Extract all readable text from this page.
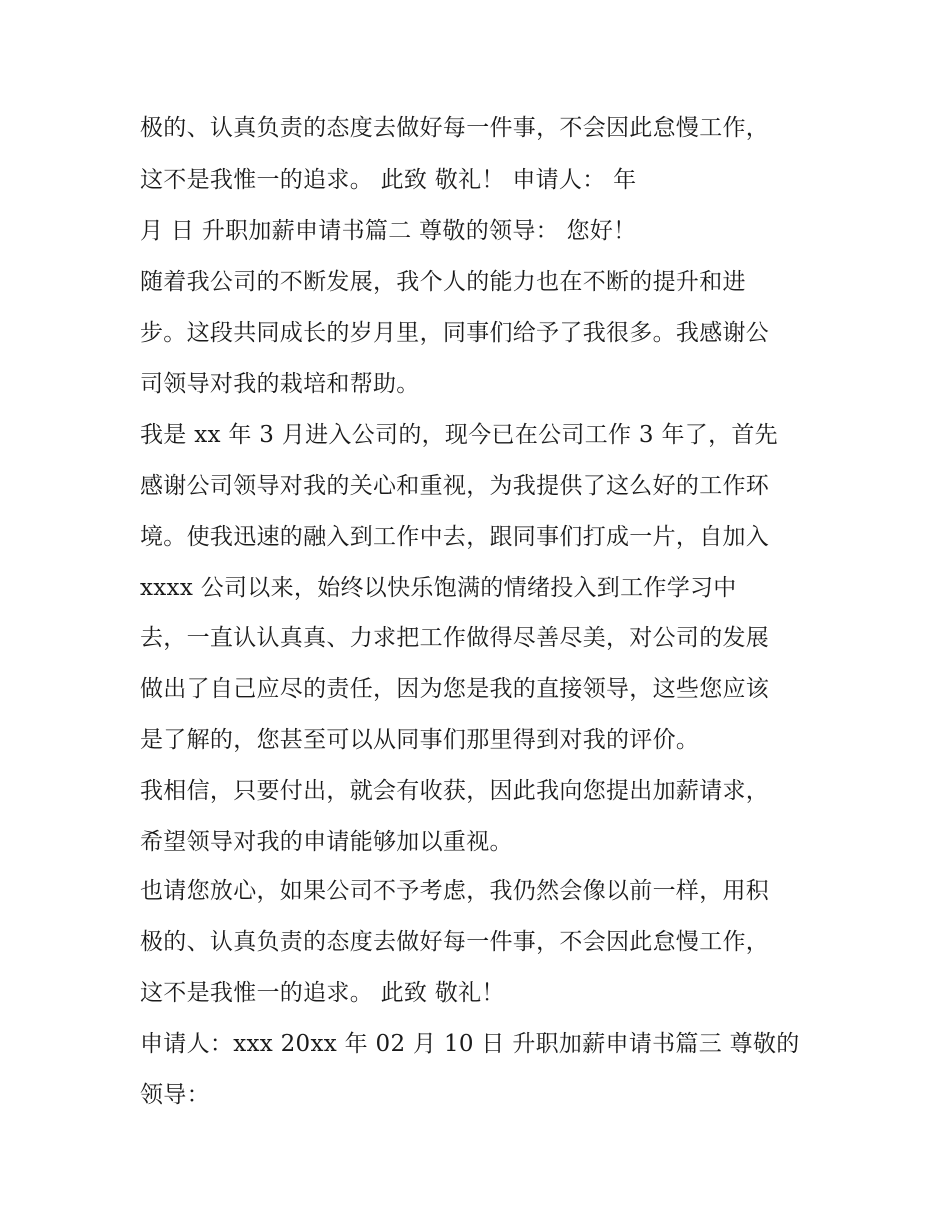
极的、认真负责的态度去做好每一件事，不会因此怠慢工作，
这不是我惟一的追求。 此致 敬礼！ 申请人： 年
月 日 升职加薪申请书篇二 尊敬的领导： 您好！
随着我公司的不断发展，我个人的能力也在不断的提升和进
步。这段共同成长的岁月里，同事们给予了我很多。我感谢公
司领导对我的栽培和帮助。
我是 xx 年 3 月进入公司的，现今已在公司工作 3 年了，首先
感谢公司领导对我的关心和重视，为我提供了这么好的工作环
境。使我迅速的融入到工作中去，跟同事们打成一片，自加入
xxxx 公司以来，始终以快乐饱满的情绪投入到工作学习中
去，一直认认真真、力求把工作做得尽善尽美，对公司的发展
做出了自己应尽的责任，因为您是我的直接领导，这些您应该
是了解的，您甚至可以从同事们那里得到对我的评价。
我相信，只要付出，就会有收获，因此我向您提出加薪请求，
希望领导对我的申请能够加以重视。
也请您放心，如果公司不予考虑，我仍然会像以前一样，用积
极的、认真负责的态度去做好每一件事，不会因此怠慢工作，
这不是我惟一的追求。 此致 敬礼！
申请人：xxx 20xx 年 02 月 10 日 升职加薪申请书篇三 尊敬的
领导：
